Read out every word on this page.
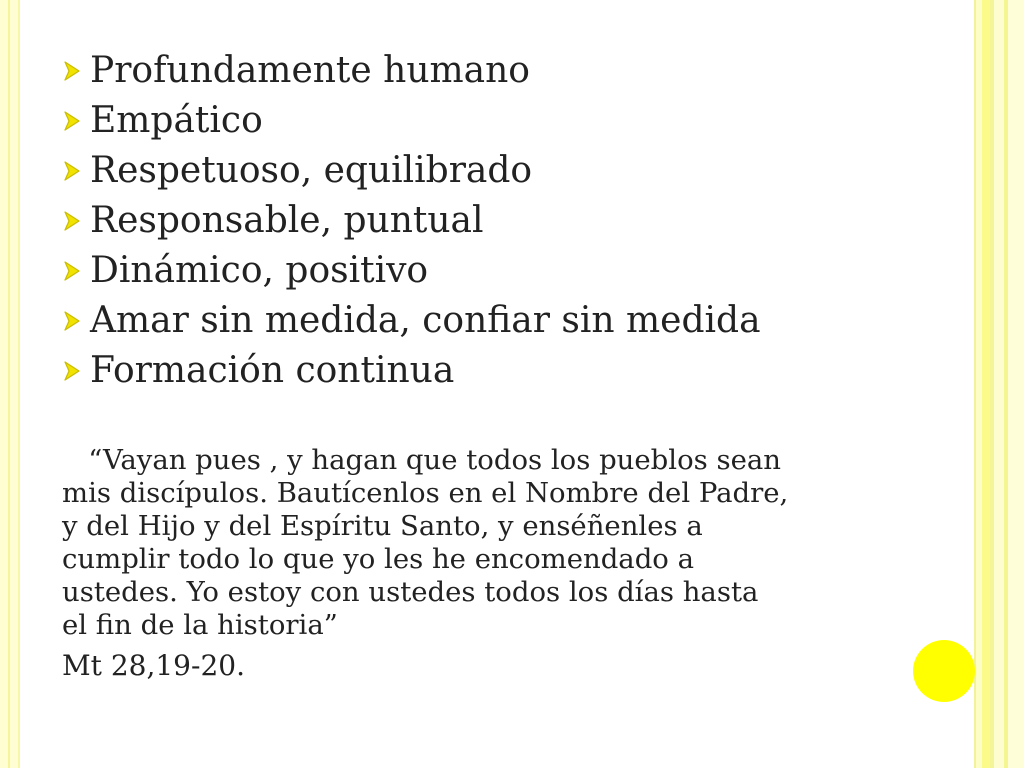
Profundamente humano
Empático
Respetuoso, equilibrado
Responsable, puntual
Dinámico, positivo
Amar sin medida, confiar sin medida
Formación continua

“Vayan pues , y hagan que todos los pueblos sean
mis discípulos. Bautícenlos en el Nombre del Padre,
y del Hijo y del Espíritu Santo, y enséñenles a
cumplir todo lo que yo les he encomendado a
ustedes. Yo estoy con ustedes todos los días hasta
el fin de la historia”

Mt 28,19-20.
